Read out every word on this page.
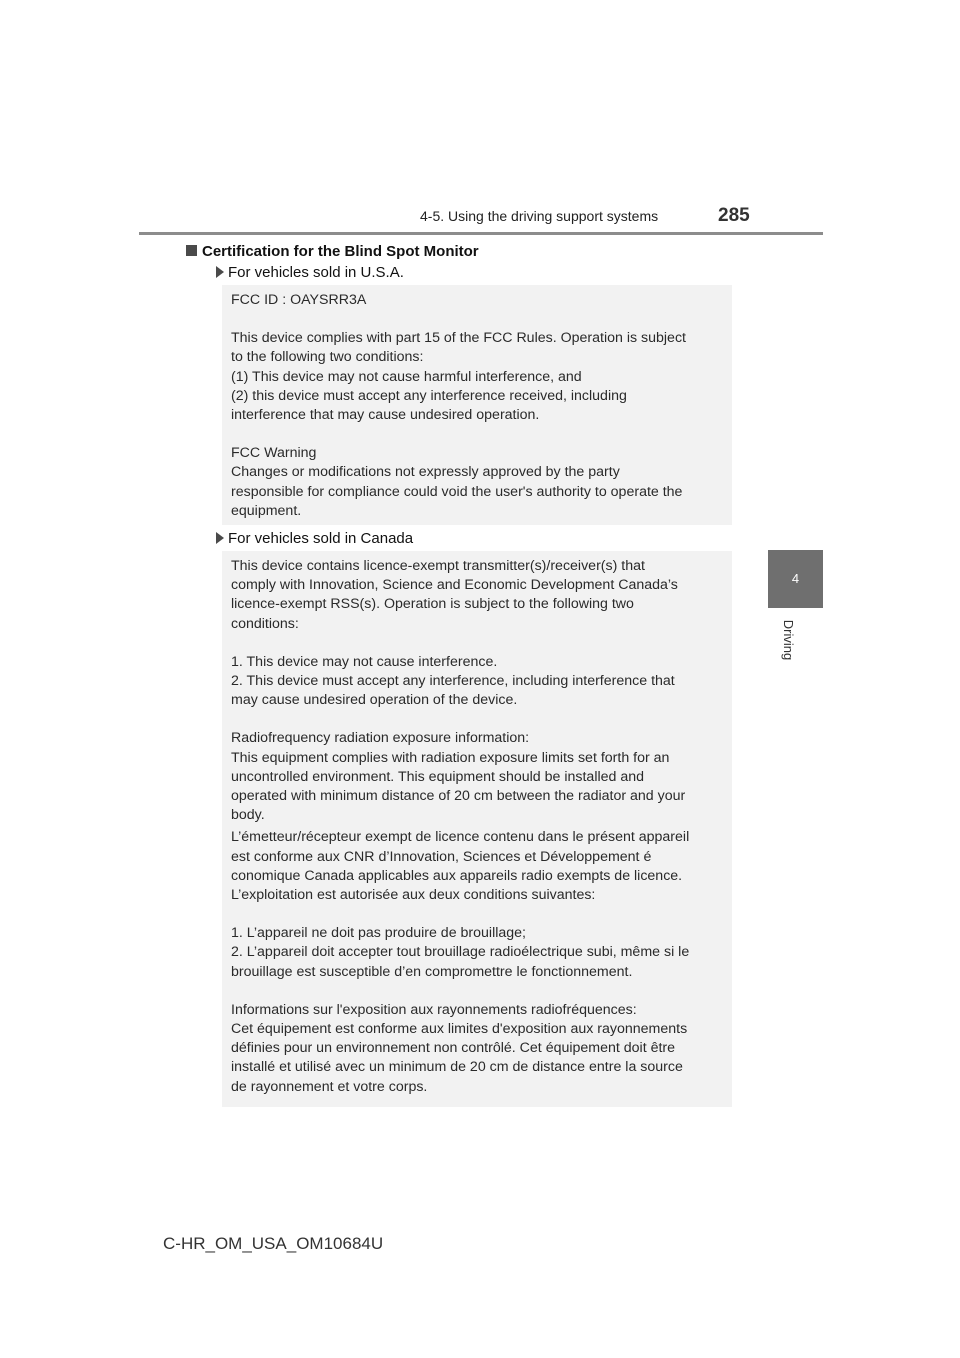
4-5. Using the driving support systems	285
4
Driving
Certification for the Blind Spot Monitor
For vehicles sold in U.S.A.

FCC ID : OAYSRR3A

This device complies with part 15 of the FCC Rules. Operation is subject
to the following two conditions:
(1) This device may not cause harmful interference, and
(2) this device must accept any interference received, including
interference that may cause undesired operation.

FCC Warning
Changes or modifications not expressly approved by the party
responsible for compliance could void the user's authority to operate the
equipment.

For vehicles sold in Canada

This device contains licence-exempt transmitter(s)/receiver(s) that
comply with Innovation, Science and Economic Development Canada’s
licence-exempt RSS(s). Operation is subject to the following two
conditions:

1. This device may not cause interference.
2. This device must accept any interference, including interference that
may cause undesired operation of the device.

Radiofrequency radiation exposure information:
This equipment complies with radiation exposure limits set forth for an
uncontrolled environment. This equipment should be installed and
operated with minimum distance of 20 cm between the radiator and your
body.

L’émetteur/récepteur exempt de licence contenu dans le présent appareil
est conforme aux CNR d’Innovation, Sciences et Développement é
conomique Canada applicables aux appareils radio exempts de licence.
L’exploitation est autorisée aux deux conditions suivantes:

1. L’appareil ne doit pas produire de brouillage;
2. L’appareil doit accepter tout brouillage radioélectrique subi, même si le
brouillage est susceptible d’en compromettre le fonctionnement.

Informations sur l'exposition aux rayonnements radiofréquences:
Cet équipement est conforme aux limites d'exposition aux rayonnements
définies pour un environnement non contrôlé. Cet équipement doit être
installé et utilisé avec un minimum de 20 cm de distance entre la source
de rayonnement et votre corps.

C-HR_OM_USA_OM10684U
